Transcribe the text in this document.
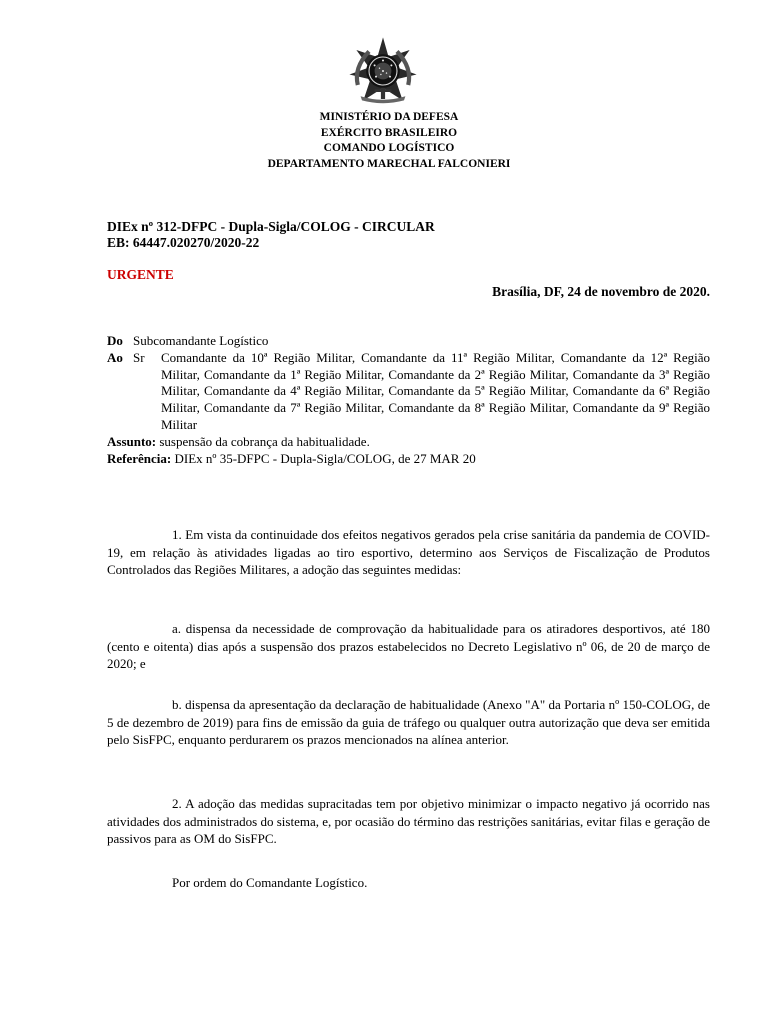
MINISTÉRIO DA DEFESA
EXÉRCITO BRASILEIRO
COMANDO LOGÍSTICO
DEPARTAMENTO MARECHAL FALCONIERI
DIEx nº 312-DFPC - Dupla-Sigla/COLOG - CIRCULAR
EB: 64447.020270/2020-22
URGENTE
Brasília, DF, 24 de novembro de 2020.
Do Subcomandante Logístico
Ao Sr	Comandante da 10ª Região Militar, Comandante da 11ª Região Militar, Comandante da 12ª Região Militar, Comandante da 1ª Região Militar, Comandante da 2ª Região Militar, Comandante da 3ª Região Militar, Comandante da 4ª Região Militar, Comandante da 5ª Região Militar, Comandante da 6ª Região Militar, Comandante da 7ª Região Militar, Comandante da 8ª Região Militar, Comandante da 9ª Região Militar
Assunto: suspensão da cobrança da habitualidade.
Referência: DIEx nº 35-DFPC - Dupla-Sigla/COLOG, de 27 MAR 20
1. Em vista da continuidade dos efeitos negativos gerados pela crise sanitária da pandemia de COVID-19, em relação às atividades ligadas ao tiro esportivo, determino aos Serviços de Fiscalização de Produtos Controlados das Regiões Militares, a adoção das seguintes medidas:
a. dispensa da necessidade de comprovação da habitualidade para os atiradores desportivos, até 180 (cento e oitenta) dias após a suspensão dos prazos estabelecidos no Decreto Legislativo nº 06, de 20 de março de 2020; e
b. dispensa da apresentação da declaração de habitualidade (Anexo "A" da Portaria nº 150-COLOG, de 5 de dezembro de 2019) para fins de emissão da guia de tráfego ou qualquer outra autorização que deva ser emitida pelo SisFPC, enquanto perdurarem os prazos mencionados na alínea anterior.
2. A adoção das medidas supracitadas tem por objetivo minimizar o impacto negativo já ocorrido nas atividades dos administrados do sistema, e, por ocasião do término das restrições sanitárias, evitar filas e geração de passivos para as OM do SisFPC.
Por ordem do Comandante Logístico.
